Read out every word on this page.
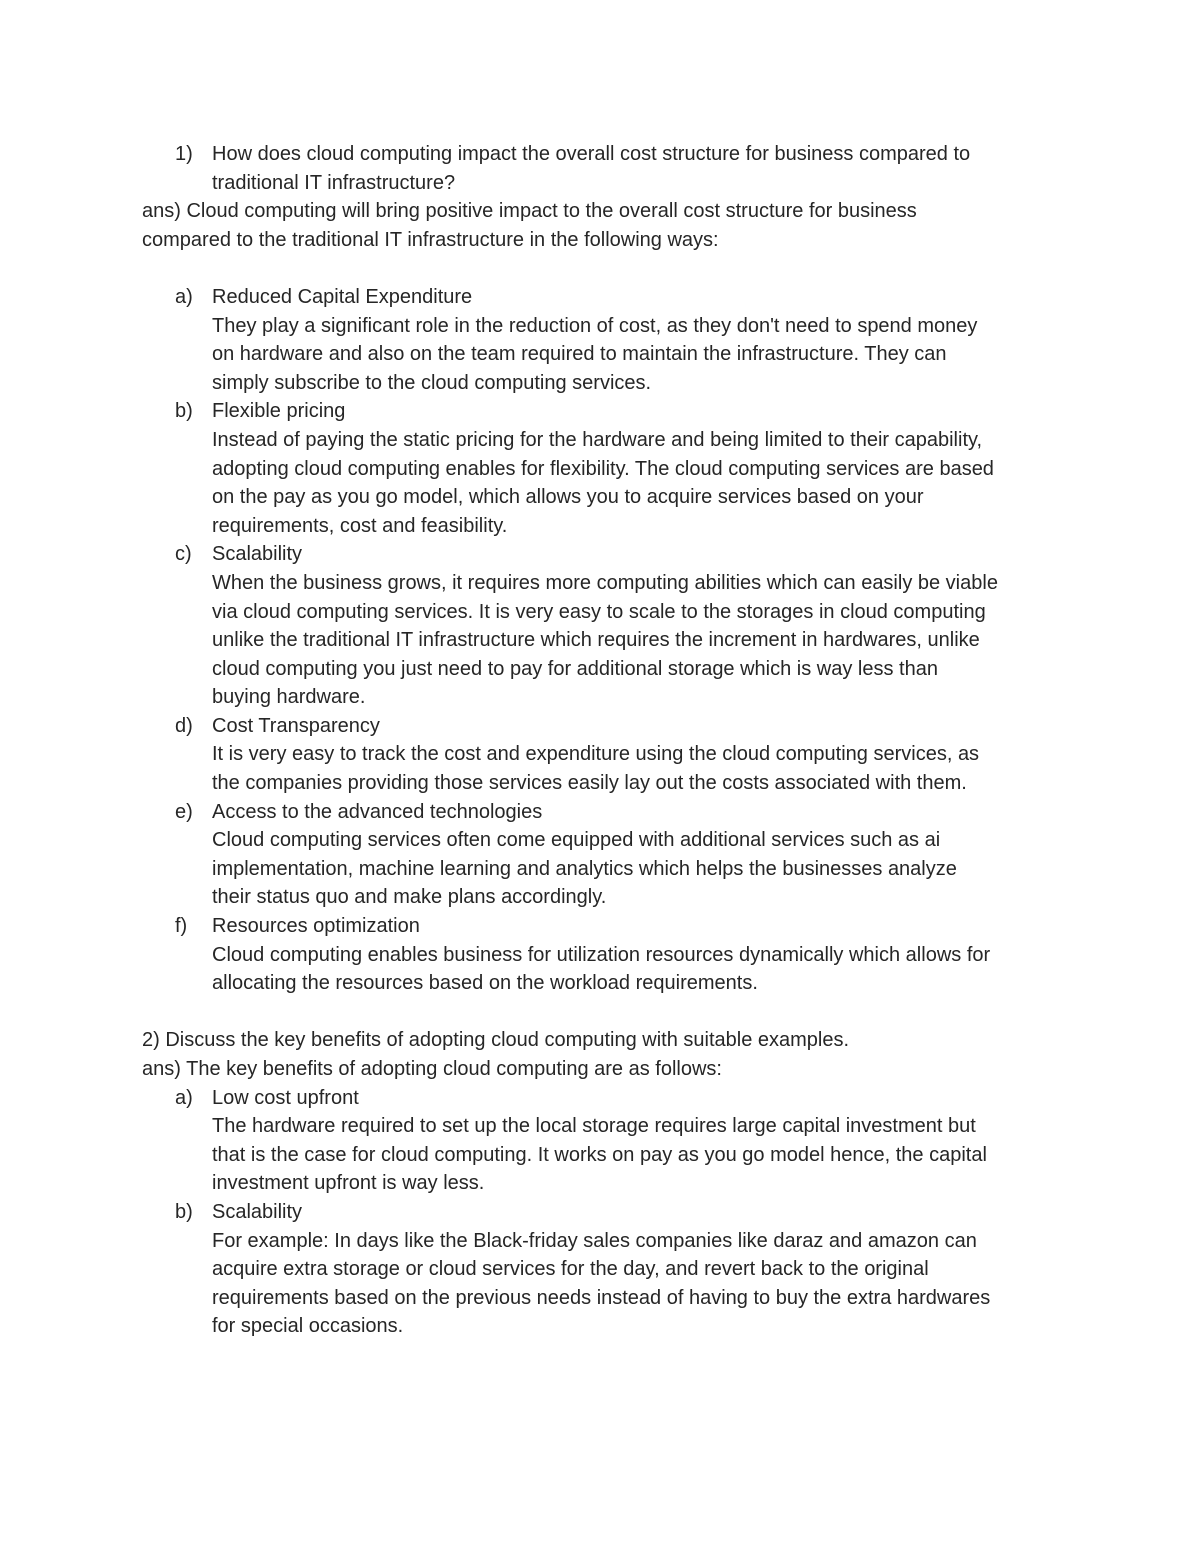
1) How does cloud computing impact the overall cost structure for business compared to
traditional IT infrastructure?
ans) Cloud computing will bring positive impact to the overall cost structure for business
compared to the traditional IT infrastructure in the following ways:
a) Reduced Capital Expenditure
They play a significant role in the reduction of cost, as they don't need to spend money
on hardware and also on the team required to maintain the infrastructure. They can
simply subscribe to the cloud computing services.
b) Flexible pricing
Instead of paying the static pricing for the hardware and being limited to their capability,
adopting cloud computing enables for flexibility. The cloud computing services are based
on the pay as you go model, which allows you to acquire services based on your
requirements, cost and feasibility.
c)	Scalability
When the business grows, it requires more computing abilities which can easily be viable
via cloud computing services. It is very easy to scale to the storages in cloud computing
unlike the traditional IT infrastructure which requires the increment in hardwares, unlike
cloud computing you just need to pay for additional storage which is way less than
buying hardware.
d) Cost Transparency
It is very easy to track the cost and expenditure using the cloud computing services, as
the companies providing those services easily lay out the costs associated with them.
e) Access to the advanced technologies
Cloud computing services often come equipped with additional services such as ai
implementation, machine learning and analytics which helps the businesses analyze
their status quo and make plans accordingly.
f)	Resources optimization
Cloud computing enables business for utilization resources dynamically which allows for
allocating the resources based on the workload requirements.
2) Discuss the key benefits of adopting cloud computing with suitable examples.
ans) The key benefits of adopting cloud computing are as follows:
a) Low cost upfront
The hardware required to set up the local storage requires large capital investment but
that is the case for cloud computing. It works on pay as you go model hence, the capital
investment upfront is way less.
b) Scalability
For example: In days like the Black-friday sales companies like daraz and amazon can
acquire extra storage or cloud services for the day, and revert back to the original
requirements based on the previous needs instead of having to buy the extra hardwares
for special occasions.
